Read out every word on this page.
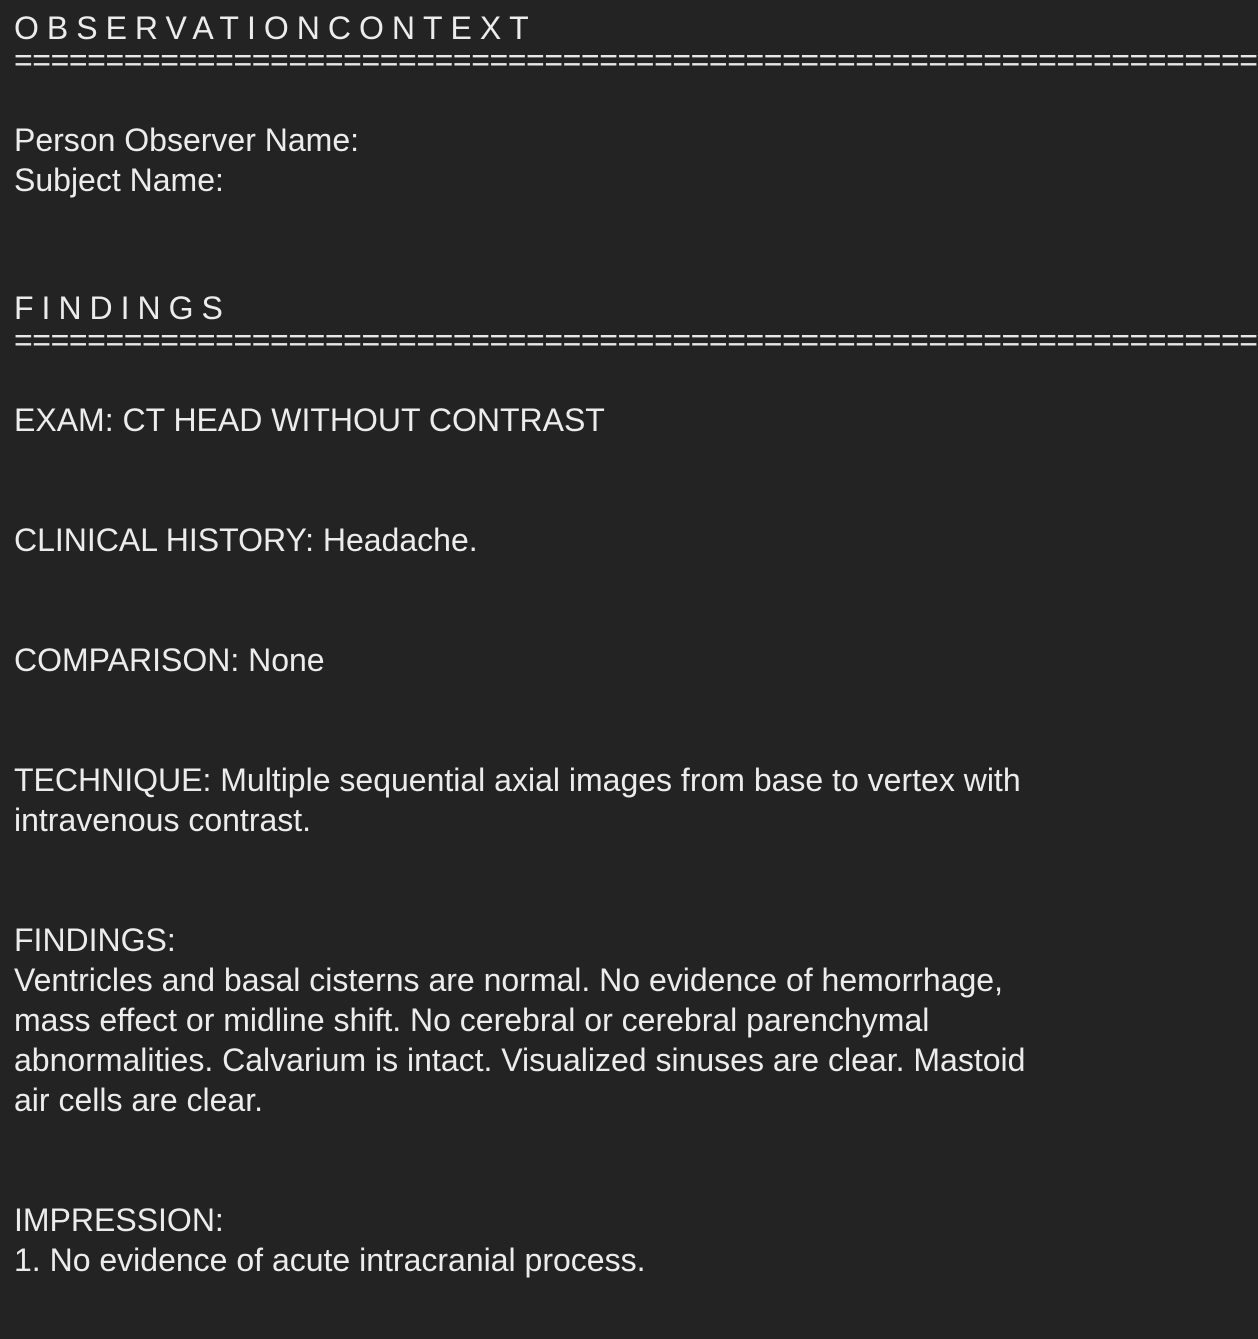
OBSERVATIONCONTEXT
====================================================================
Person Observer Name:
Subject Name:
FINDINGS
====================================================================
EXAM: CT HEAD WITHOUT CONTRAST
CLINICAL HISTORY: Headache.
COMPARISON: None
TECHNIQUE: Multiple sequential axial images from base to vertex with
intravenous contrast.
FINDINGS:
Ventricles and basal cisterns are normal. No evidence of hemorrhage,
mass effect or midline shift. No cerebral or cerebral parenchymal
abnormalities. Calvarium is intact. Visualized sinuses are clear. Mastoid
air cells are clear.
IMPRESSION:
1. No evidence of acute intracranial process.
